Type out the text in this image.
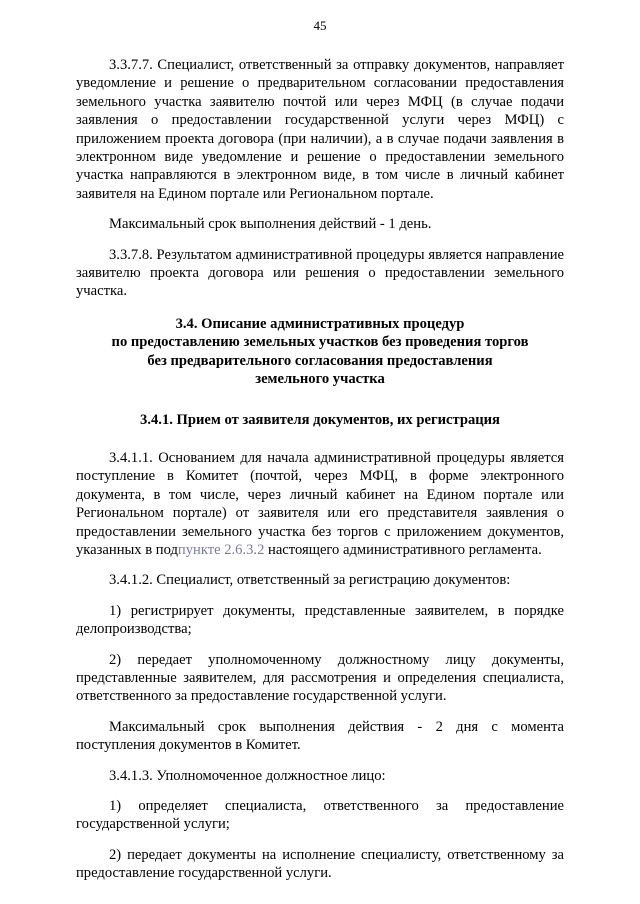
45

3.3.7.7. Специалист, ответственный за отправку документов, направляет уведомление и решение о предварительном согласовании предоставления земельного участка заявителю почтой или через МФЦ (в случае подачи заявления о предоставлении государственной услуги через МФЦ) с приложением проекта договора (при наличии), а в случае подачи заявления в электронном виде уведомление и решение о предоставлении земельного участка направляются в электронном виде, в том числе в личный кабинет заявителя на Едином портале или Региональном портале.

Максимальный срок выполнения действий - 1 день.

3.3.7.8. Результатом административной процедуры является направление заявителю проекта договора или решения о предоставлении земельного участка.

3.4. Описание административных процедур
по предоставлению земельных участков без проведения торгов
без предварительного согласования предоставления
земельного участка
3.4.1. Прием от заявителя документов, их регистрация

3.4.1.1. Основанием для начала административной процедуры является поступление в Комитет (почтой, через МФЦ, в форме электронного документа, в том числе, через личный кабинет на Едином портале или Региональном портале) от заявителя или его представителя заявления о предоставлении земельного участка без торгов с приложением документов, указанных в подпункте 2.6.3.2 настоящего административного регламента.

3.4.1.2. Специалист, ответственный за регистрацию документов:

1) регистрирует документы, представленные заявителем, в порядке делопроизводства;

2) передает уполномоченному должностному лицу документы, представленные заявителем, для рассмотрения и определения специалиста, ответственного за предоставление государственной услуги.

Максимальный срок выполнения действия - 2 дня с момента поступления документов в Комитет.

3.4.1.3. Уполномоченное должностное лицо:

1) определяет специалиста, ответственного за предоставление государственной услуги;

2) передает документы на исполнение специалисту, ответственному за предоставление государственной услуги.
